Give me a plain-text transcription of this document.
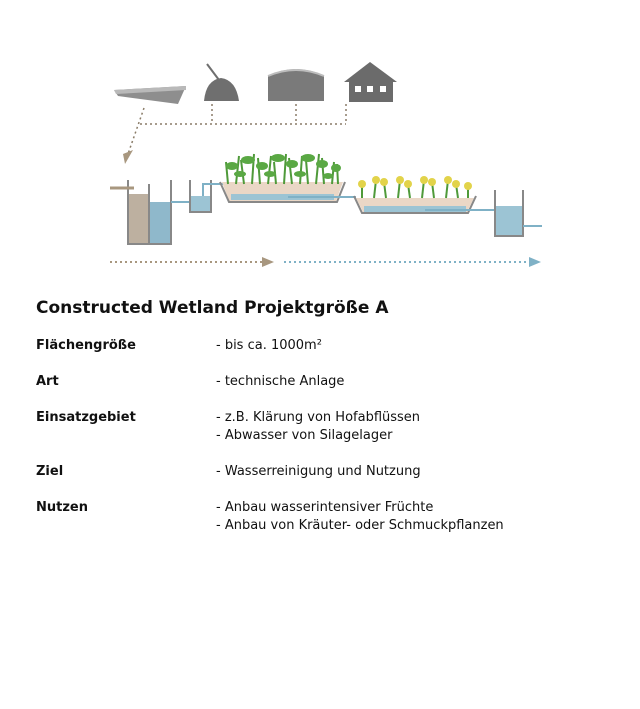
Constructed Wetland Projektgröße A
Flächengröße	- bis ca. 1000m²
Art	- technische Anlage
Einsatzgebiet	- z.B. Klärung von Hofabflüssen
- Abwasser von Silagelager
Ziel	- Wasserreinigung und Nutzung
Nutzen	- Anbau wasserintensiver Früchte
- Anbau von Kräuter- oder Schmuckpflanzen
